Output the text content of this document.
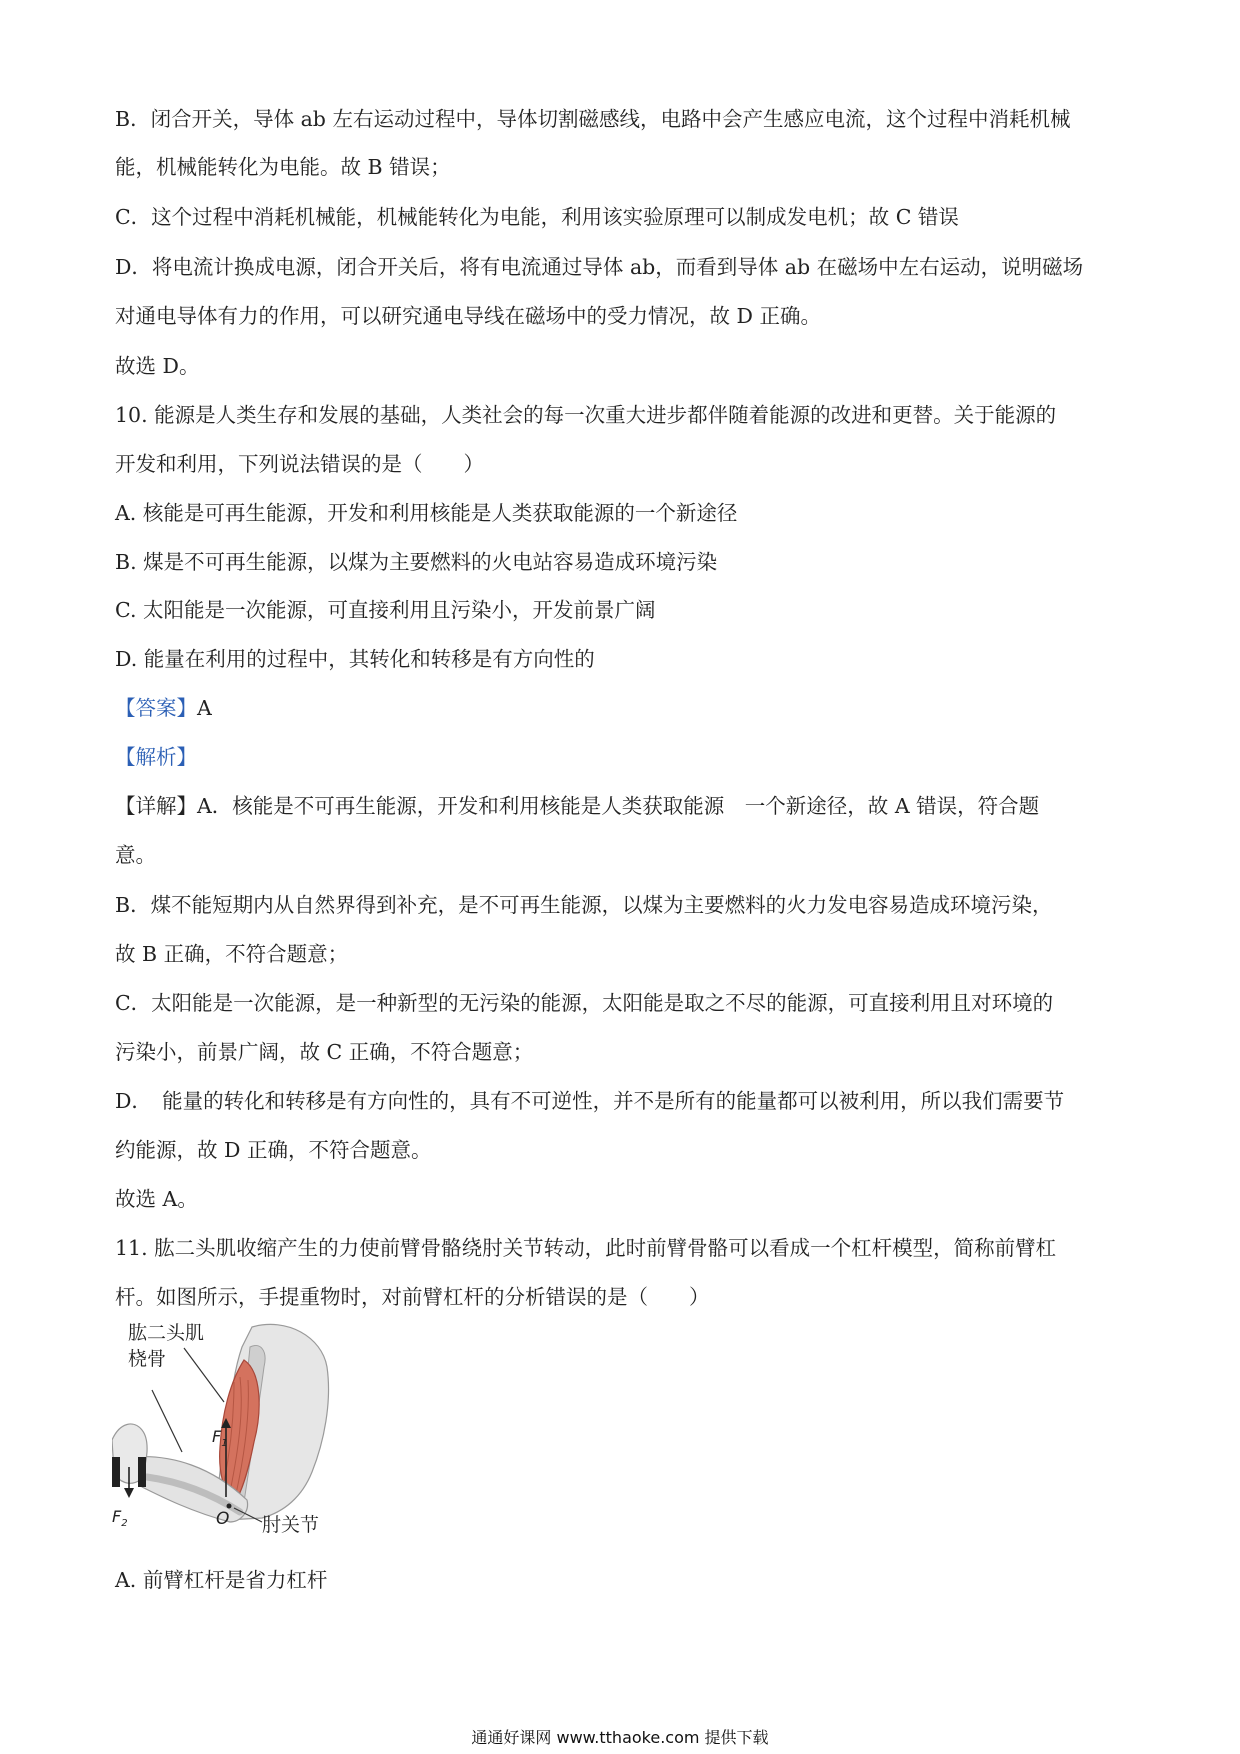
B．闭合开关，导体 ab 左右运动过程中，导体切割磁感线，电路中会产生感应电流，这个过程中消耗机械
能，机械能转化为电能。故 B 错误；
C．这个过程中消耗机械能，机械能转化为电能，利用该实验原理可以制成发电机；故 C 错误
D．将电流计换成电源，闭合开关后，将有电流通过导体 ab，而看到导体 ab 在磁场中左右运动，说明磁场
对通电导体有力的作用，可以研究通电导线在磁场中的受力情况，故 D 正确。
故选 D。
10. 能源是人类生存和发展的基础，人类社会的每一次重大进步都伴随着能源的改进和更替。关于能源的
开发和利用，下列说法错误的是（　　）
A. 核能是可再生能源，开发和利用核能是人类获取能源的一个新途径
B. 煤是不可再生能源，以煤为主要燃料的火电站容易造成环境污染
C. 太阳能是一次能源，可直接利用且污染小，开发前景广阔
D. 能量在利用的过程中，其转化和转移是有方向性的
【答案】A
【解析】
【详解】A．核能是不可再生能源，开发和利用核能是人类获取能源　一个新途径，故 A 错误，符合题
意。
B．煤不能短期内从自然界得到补充，是不可再生能源，以煤为主要燃料的火力发电容易造成环境污染，
故 B 正确，不符合题意；
C．太阳能是一次能源，是一种新型的无污染的能源，太阳能是取之不尽的能源，可直接利用且对环境的
污染小，前景广阔，故 C 正确，不符合题意；
D．　能量的转化和转移是有方向性的，具有不可逆性，并不是所有的能量都可以被利用，所以我们需要节
约能源，故 D 正确，不符合题意。
故选 A。
11. 肱二头肌收缩产生的力使前臂骨骼绕肘关节转动，此时前臂骨骼可以看成一个杠杆模型，简称前臂杠
杆。如图所示，手提重物时，对前臂杠杆的分析错误的是（　　）
肱二头肌
桡骨
$F_1$
$F_2$	O 肘关节
A. 前臂杠杆是省力杠杆
通通好课网 www.tthaoke.com 提供下载
